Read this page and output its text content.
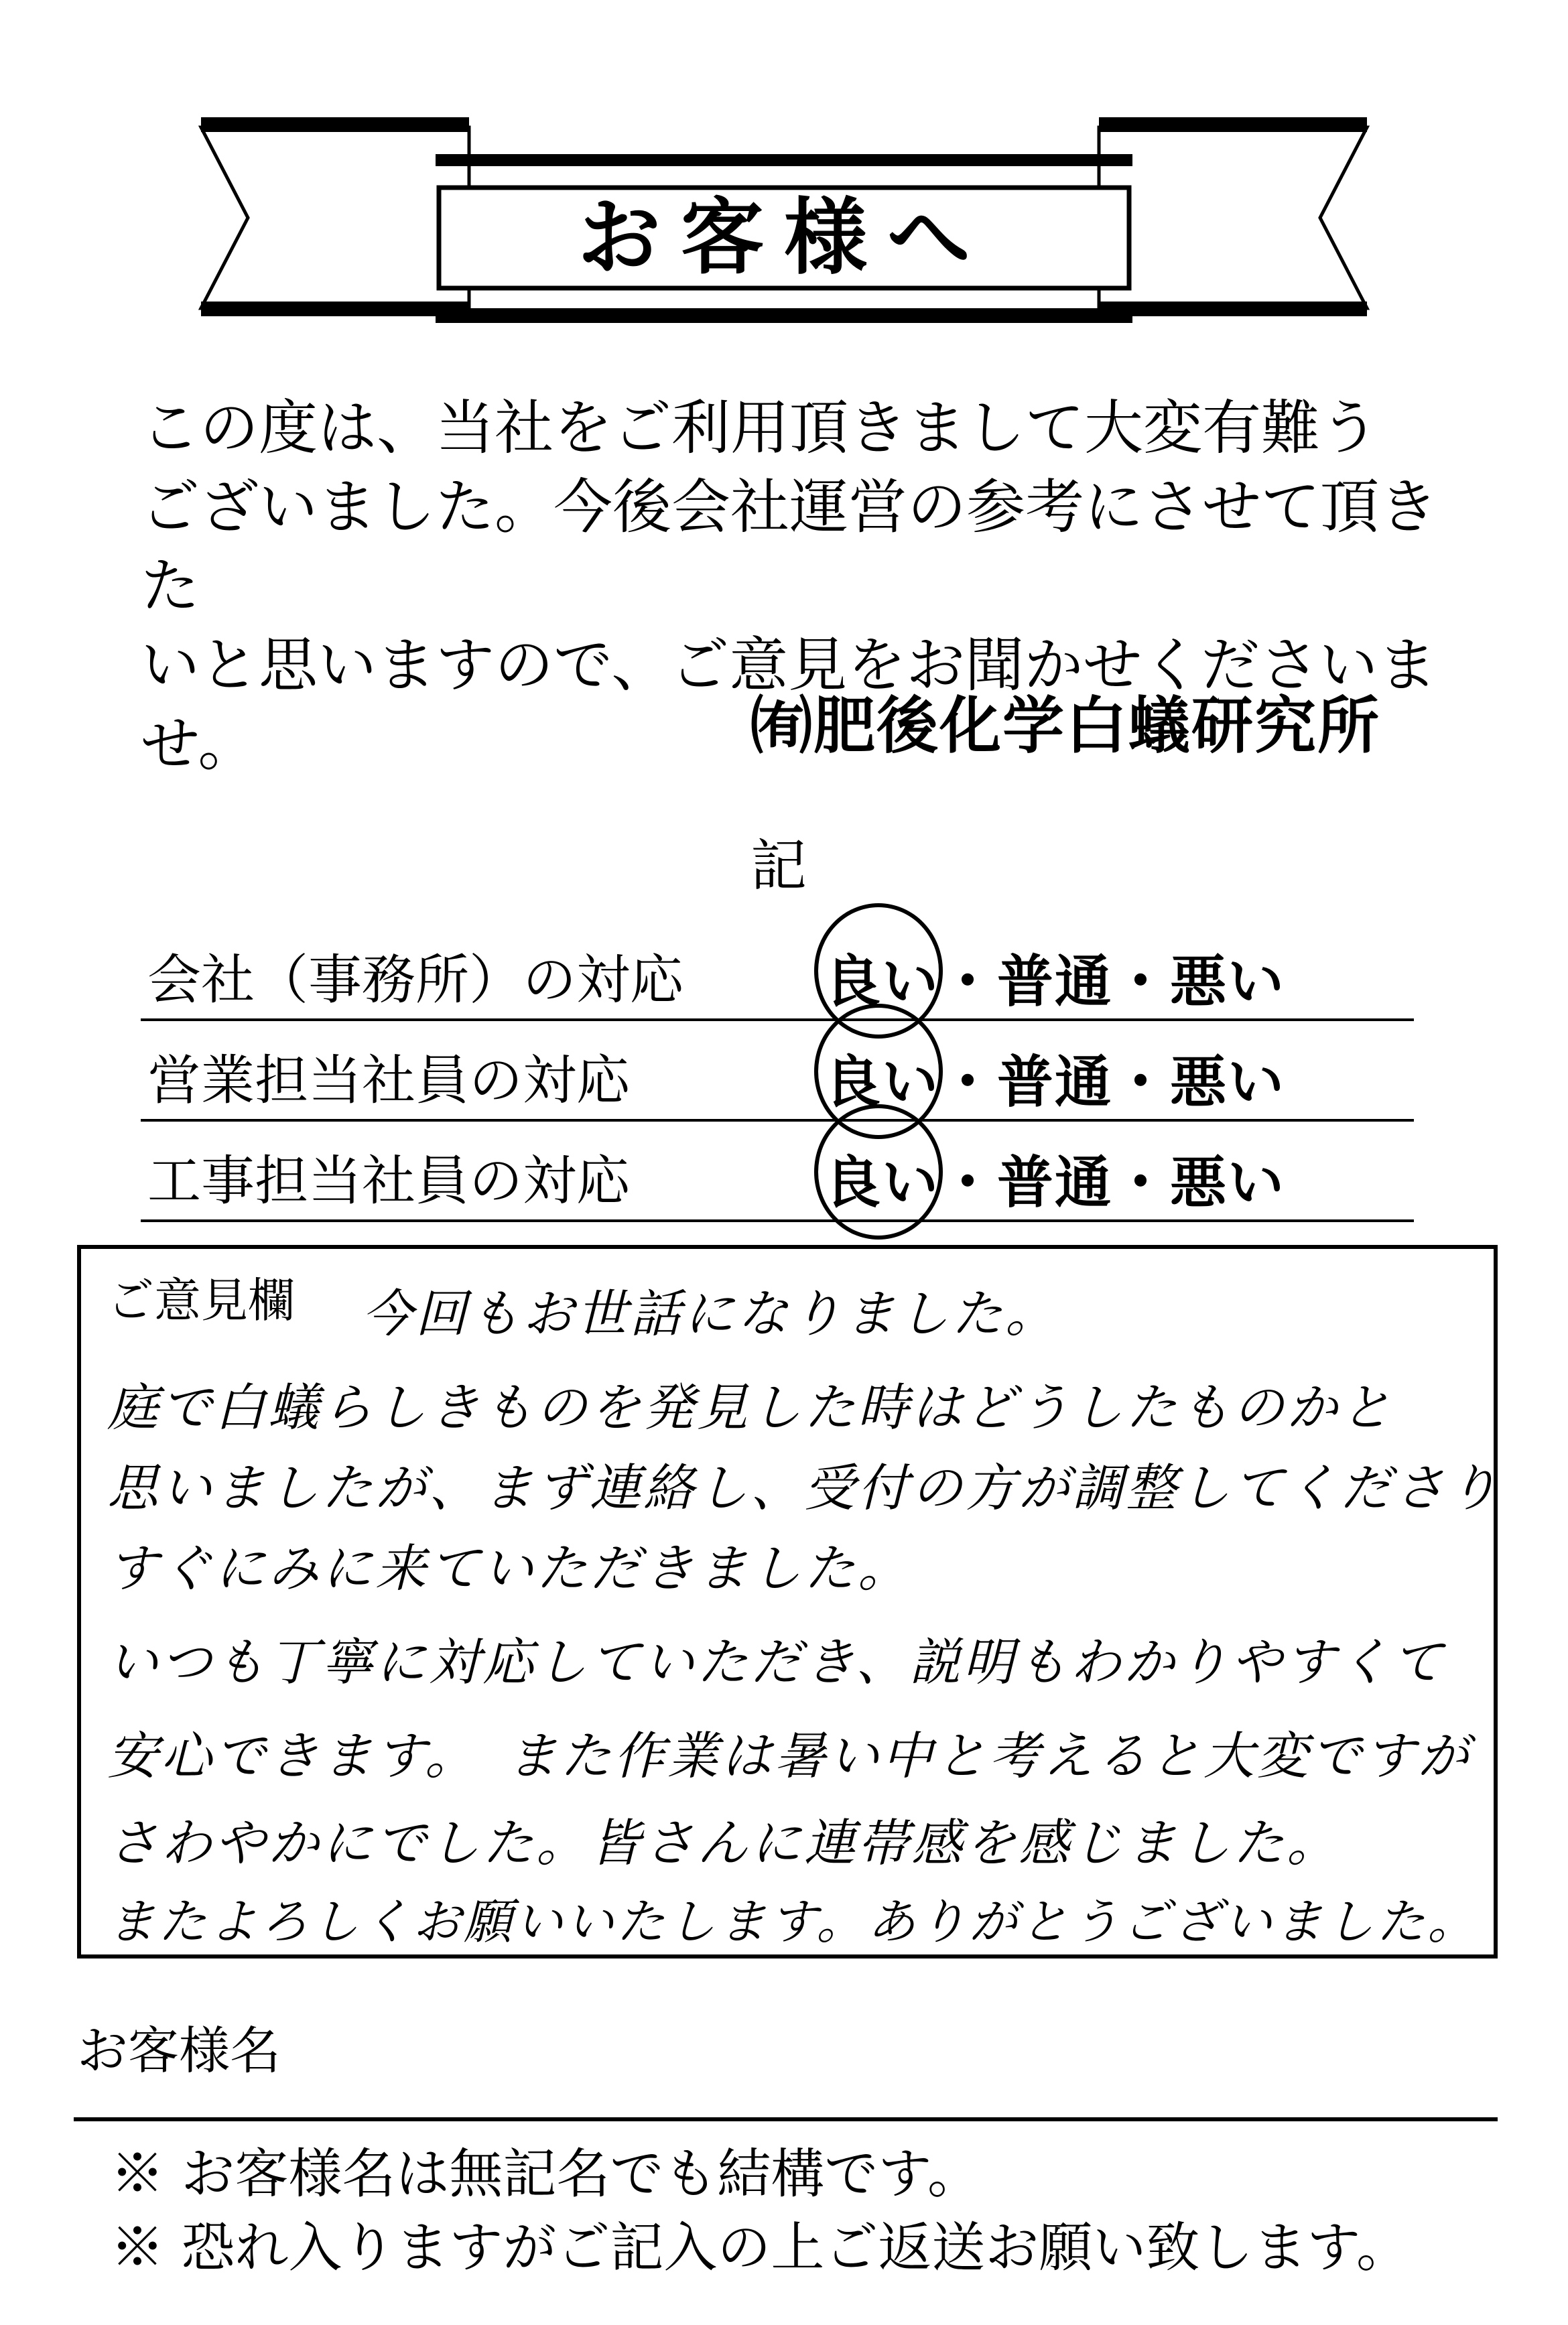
お客様へ
この度は、当社をご利用頂きまして大変有難う
ございました。今後会社運営の参考にさせて頂きた
いと思いますので、ご意見をお聞かせくださいませ。	㈲肥後化学白蟻研究所
記
会社（事務所）の対応	良い・普通・悪い
営業担当社員の対応	良い・普通・悪い
工事担当社員の対応	良い・普通・悪い
ご意見欄 今回もお世話になりました。
庭で白蟻らしきものを発見した時はどうしたものかと
思いましたが、まず連絡し、受付の方が調整してくださり
すぐにみに来ていただきました。
いつも丁寧に対応していただき、説明もわかりやすくて
安心できます。　また作業は暑い中と考えると大変ですが
さわやかにでした。皆さんに連帯感を感じました。
またよろしくお願いいたします。ありがとうございました。
お客様名
※ お客様名は無記名でも結構です。
※ 恐れ入りますがご記入の上ご返送お願い致します。
